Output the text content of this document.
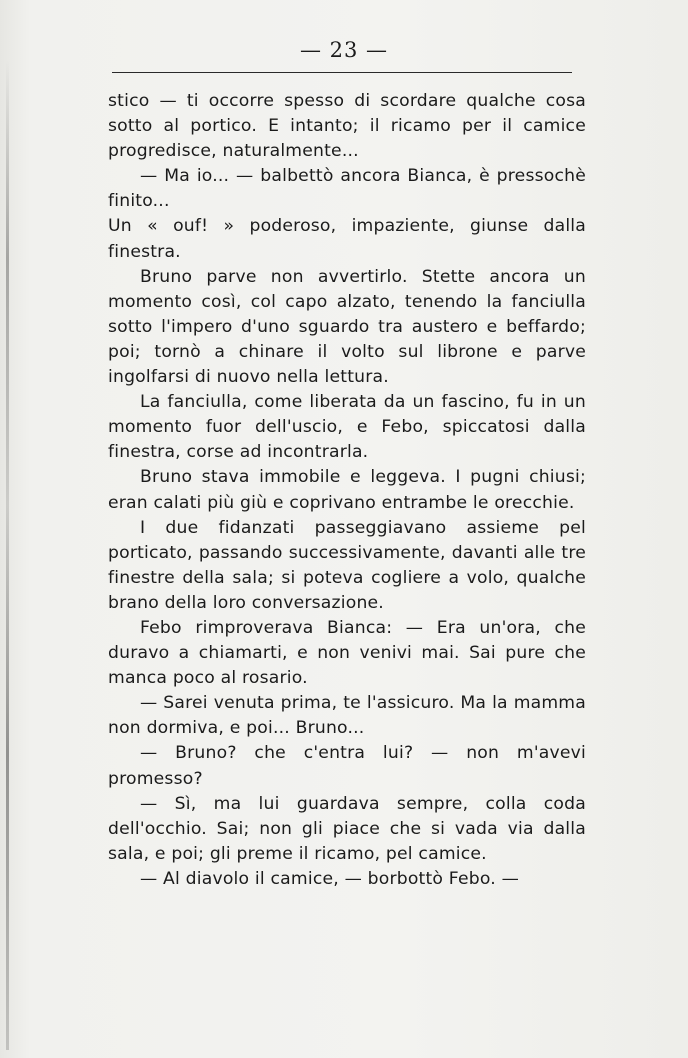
— 23 —

stico — ti occorre spesso di scordare qualche cosa sotto al portico. E intanto; il ricamo per il camice progredisce, naturalmente...

— Ma io... — balbettò ancora Bianca, è pressochè finito...

Un « ouf! » poderoso, impaziente, giunse dalla finestra.

Bruno parve non avvertirlo. Stette ancora un momento così, col capo alzato, tenendo la fanciulla sotto l'impero d'uno sguardo tra austero e beffardo; poi; tornò a chinare il volto sul librone e parve ingolfarsi di nuovo nella lettura.

La fanciulla, come liberata da un fascino, fu in un momento fuor dell'uscio, e Febo, spiccatosi dalla finestra, corse ad incontrarla.

Bruno stava immobile e leggeva. I pugni chiusi; eran calati più giù e coprivano entrambe le orecchie.

I due fidanzati passeggiavano assieme pel porticato, passando successivamente, davanti alle tre finestre della sala; si poteva cogliere a volo, qualche brano della loro conversazione.

Febo rimproverava Bianca: — Era un'ora, che duravo a chiamarti, e non venivi mai. Sai pure che manca poco al rosario.

— Sarei venuta prima, te l'assicuro. Ma la mamma non dormiva, e poi... Bruno...

— Bruno? che c'entra lui? — non m'avevi promesso?

— Sì, ma lui guardava sempre, colla coda dell'occhio. Sai; non gli piace che si vada via dalla sala, e poi; gli preme il ricamo, pel camice.

— Al diavolo il camice, — borbottò Febo. —
